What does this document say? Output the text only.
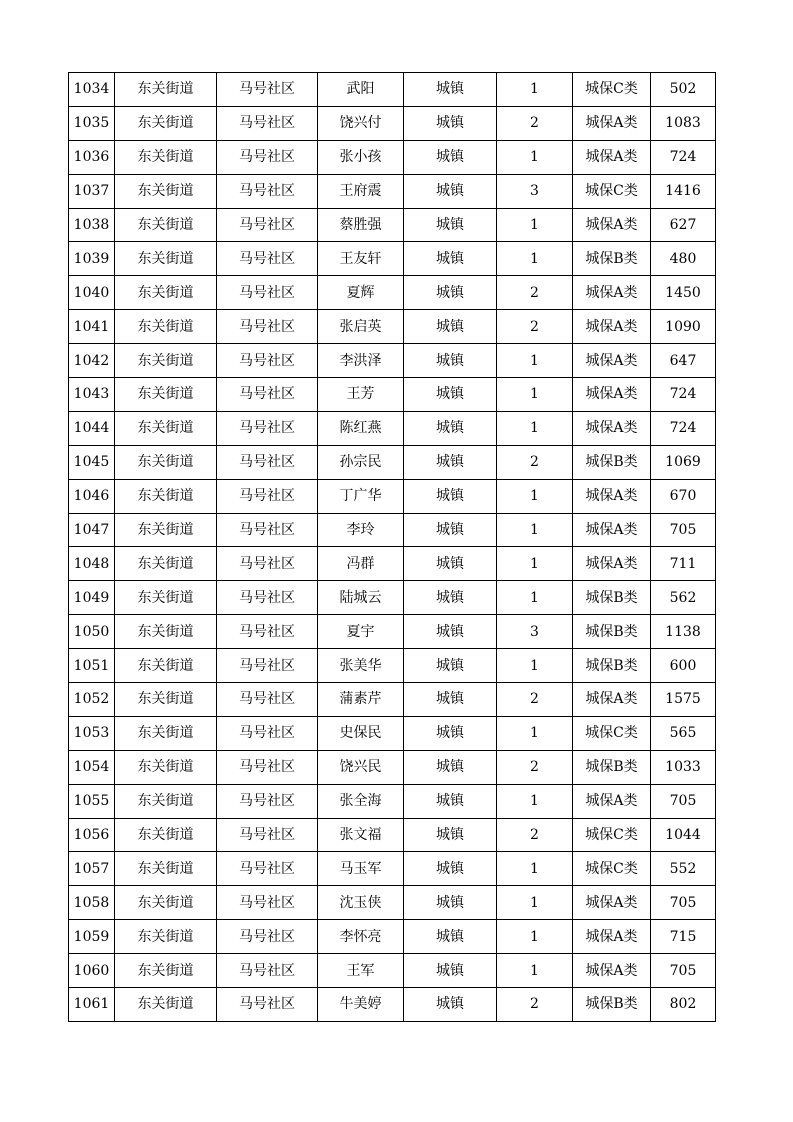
1034	东关街道	马号社区	武阳	城镇	1	城保C类	502
1035	东关街道	马号社区	饶兴付	城镇	2	城保A类	1083
1036	东关街道	马号社区	张小孩	城镇	1	城保A类	724
1037	东关街道	马号社区	王府震	城镇	3	城保C类	1416
1038	东关街道	马号社区	蔡胜强	城镇	1	城保A类	627
1039	东关街道	马号社区	王友轩	城镇	1	城保B类	480
1040	东关街道	马号社区	夏辉	城镇	2	城保A类	1450
1041	东关街道	马号社区	张启英	城镇	2	城保A类	1090
1042	东关街道	马号社区	李洪泽	城镇	1	城保A类	647
1043	东关街道	马号社区	王芳	城镇	1	城保A类	724
1044	东关街道	马号社区	陈红燕	城镇	1	城保A类	724
1045	东关街道	马号社区	孙宗民	城镇	2	城保B类	1069
1046	东关街道	马号社区	丁广华	城镇	1	城保A类	670
1047	东关街道	马号社区	李玲	城镇	1	城保A类	705
1048	东关街道	马号社区	冯群	城镇	1	城保A类	711
1049	东关街道	马号社区	陆城云	城镇	1	城保B类	562
1050	东关街道	马号社区	夏宇	城镇	3	城保B类	1138
1051	东关街道	马号社区	张美华	城镇	1	城保B类	600
1052	东关街道	马号社区	蒲素芹	城镇	2	城保A类	1575
1053	东关街道	马号社区	史保民	城镇	1	城保C类	565
1054	东关街道	马号社区	饶兴民	城镇	2	城保B类	1033
1055	东关街道	马号社区	张全海	城镇	1	城保A类	705
1056	东关街道	马号社区	张文福	城镇	2	城保C类	1044
1057	东关街道	马号社区	马玉军	城镇	1	城保C类	552
1058	东关街道	马号社区	沈玉侠	城镇	1	城保A类	705
1059	东关街道	马号社区	李怀亮	城镇	1	城保A类	715
1060	东关街道	马号社区	王军	城镇	1	城保A类	705
1061	东关街道	马号社区	牛美婷	城镇	2	城保B类	802
